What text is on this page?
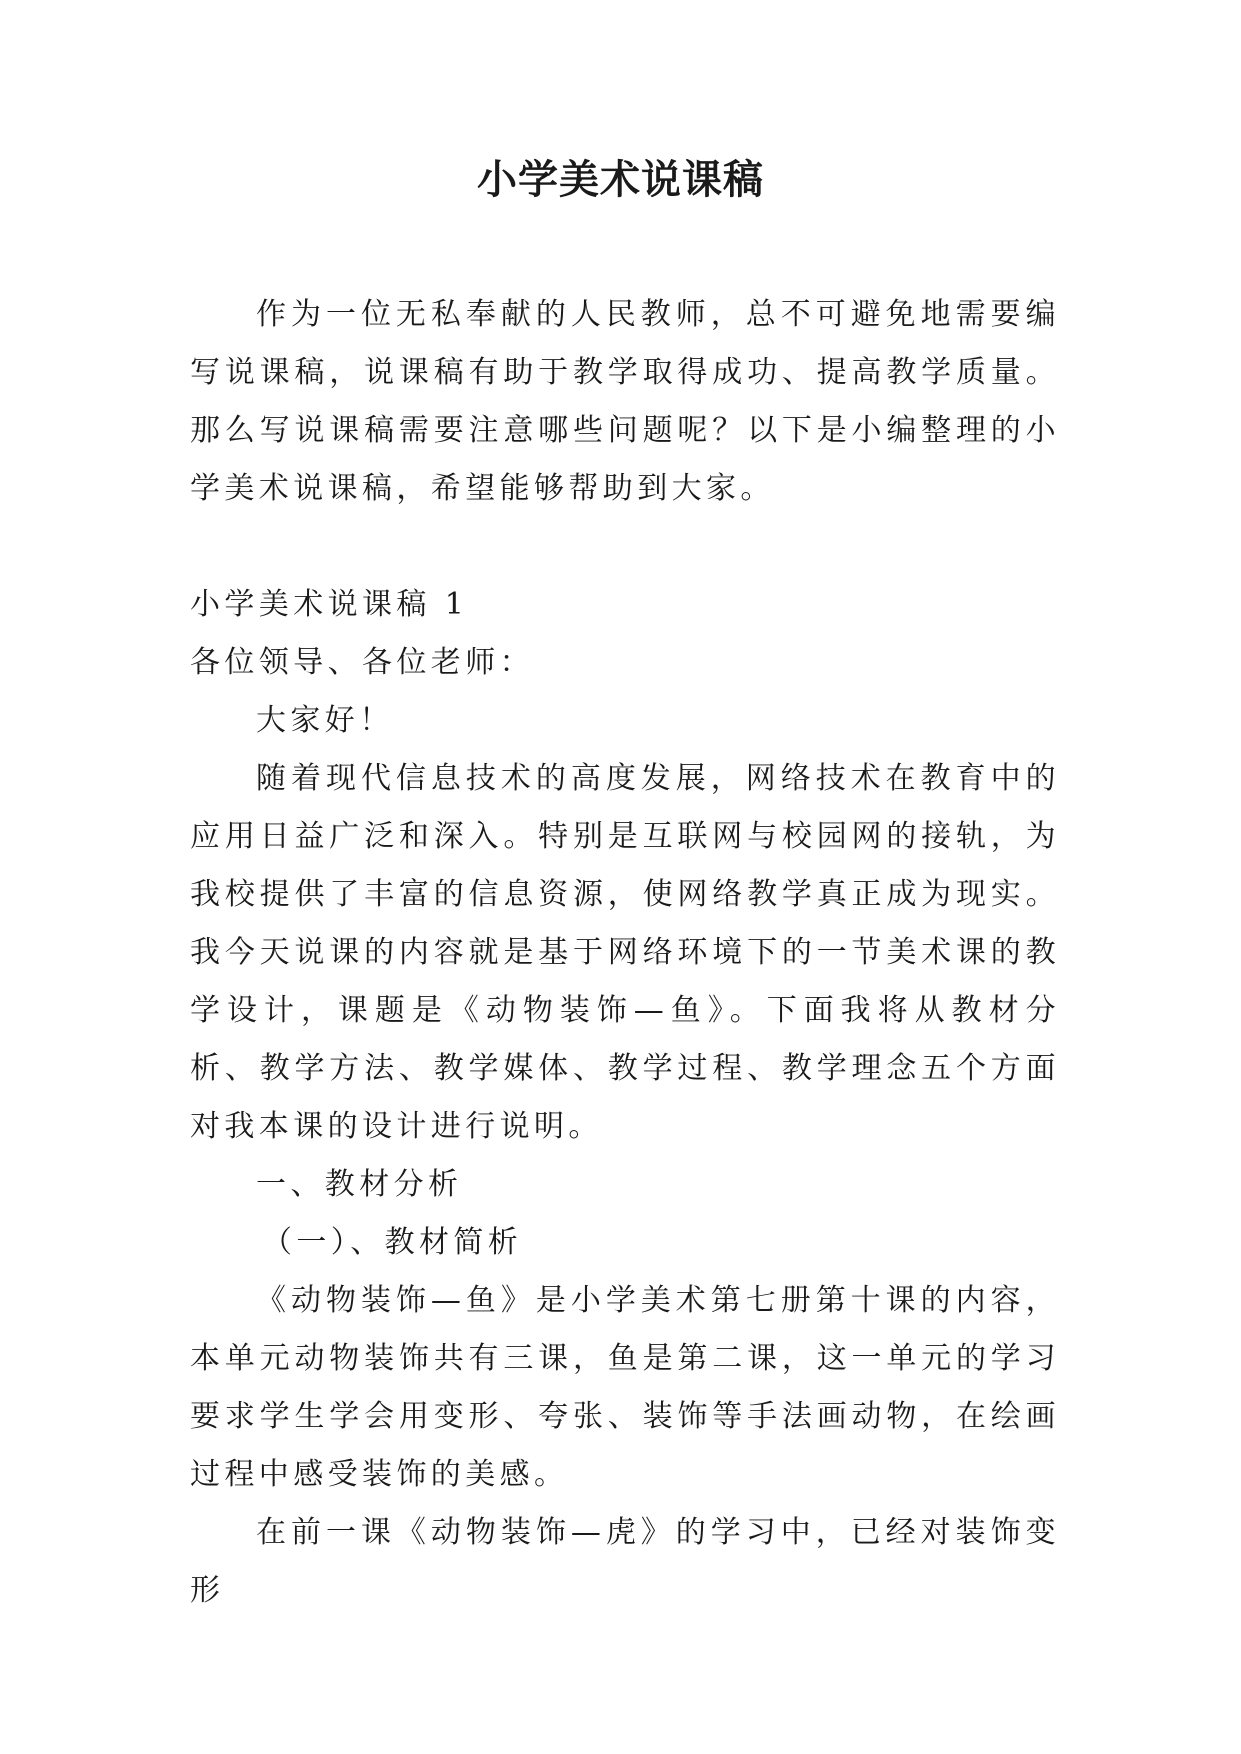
小学美术说课稿

作为一位无私奉献的人民教师，总不可避免地需要编写说课稿，说课稿有助于教学取得成功、提高教学质量。那么写说课稿需要注意哪些问题呢？以下是小编整理的小学美术说课稿，希望能够帮助到大家。

小学美术说课稿 1

各位领导、各位老师：

大家好！

随着现代信息技术的高度发展，网络技术在教育中的应用日益广泛和深入。特别是互联网与校园网的接轨，为我校提供了丰富的信息资源，使网络教学真正成为现实。我今天说课的内容就是基于网络环境下的一节美术课的教学设计，课题是《动物装饰—鱼》。下面我将从教材分析、教学方法、教学媒体、教学过程、教学理念五个方面对我本课的设计进行说明。

一、教材分析

（一）、教材简析

《动物装饰—鱼》是小学美术第七册第十课的内容，本单元动物装饰共有三课，鱼是第二课，这一单元的学习要求学生学会用变形、夸张、装饰等手法画动物，在绘画过程中感受装饰的美感。

在前一课《动物装饰—虎》的学习中，已经对装饰变形
